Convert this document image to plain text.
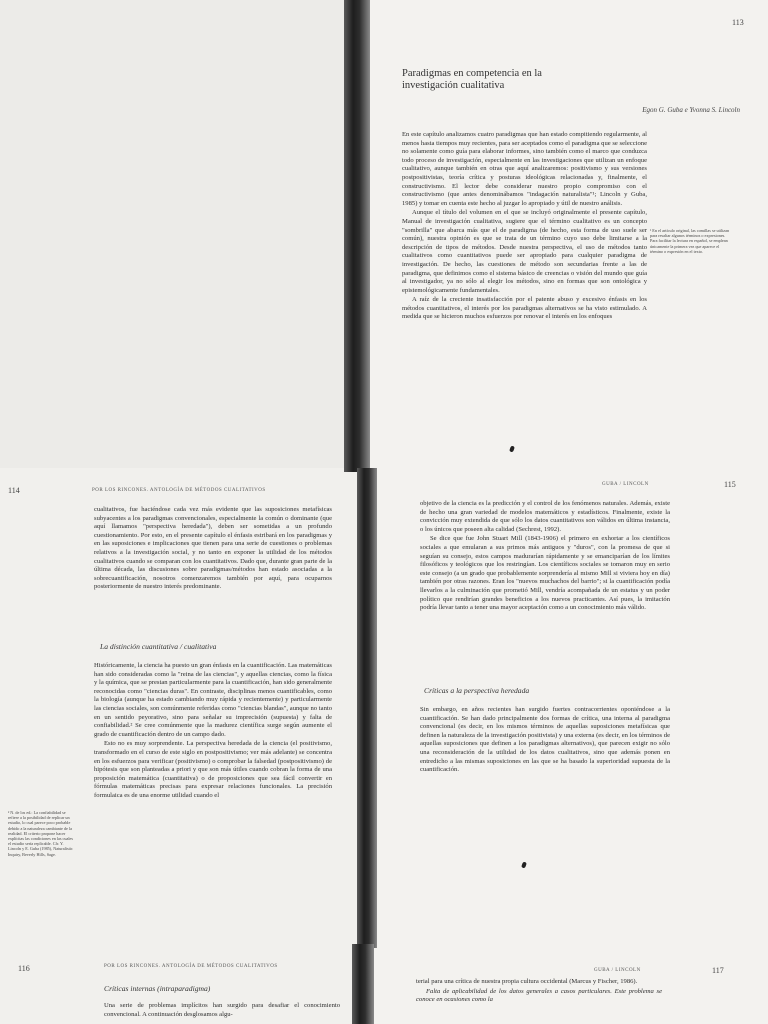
113
Paradigmas en competencia en la
investigación cualitativa
Egon G. Guba e Yvonna S. Lincoln

En este capítulo analizamos cuatro paradigmas que han estado compitiendo regularmente, al menos hasta tiempos muy recientes, para ser aceptados como el paradigma que se seleccione no solamente como guía para elaborar informes, sino también como el marco que conduzca todo proceso de investigación, especialmente en las investigaciones que utilizan un enfoque cualitativo, aunque también en otras que aquí analizaremos: positivismo y sus versiones postpositivistas, teoría crítica y posturas ideológicas relacionadas y, finalmente, el constructivismo. El lector debe considerar nuestro propio compromiso con el constructivismo (que antes denominábamos "indagación naturalista"¹; Lincoln y Guba, 1985) y tomar en cuenta este hecho al juzgar lo apropiado y útil de nuestro análisis.

Aunque el título del volumen en el que se incluyó originalmente el presente capítulo, Manual de investigación cualitativa, sugiere que el término cualitativo es un concepto "sombrilla" que abarca más que el de paradigma (de hecho, esta forma de uso suele ser común), nuestra opinión es que se trata de un término cuyo uso debe limitarse a la descripción de tipos de métodos. Desde nuestra perspectiva, el uso de métodos tanto cualitativos como cuantitativos puede ser apropiado para cualquier paradigma de investigación. De hecho, las cuestiones de método son secundarias frente a las de paradigma, que definimos como el sistema básico de creencias o visión del mundo que guía al investigador, ya no sólo al elegir los métodos, sino en formas que son ontológica y epistemológicamente fundamentales.

A raíz de la creciente insatisfacción por el patente abuso y excesivo énfasis en los métodos cuantitativos, el interés por los paradigmas alternativos se ha visto estimulado. A medida que se hicieron muchos esfuerzos por renovar el interés en los enfoques

¹ En el artículo original, las comillas se utilizan para resaltar algunos términos o expresiones. Para facilitar la lectura en español, se emplean únicamente la primera vez que aparece el término o expresión en el texto.
114	POR LOS RINCONES. ANTOLOGÍA DE MÉTODOS CUALITATIVOS

cualitativos, fue haciéndose cada vez más evidente que las suposiciones metafísicas subyacentes a los paradigmas convencionales, especialmente la común o dominante (que aquí llamamos "perspectiva heredada"), deben ser sometidas a un profundo cuestionamiento. Por esto, en el presente capítulo el énfasis estribará en los paradigmas y en las suposiciones e implicaciones que tienen para una serie de cuestiones o problemas relativos a la investigación social, y no tanto en exponer la utilidad de los métodos cualitativos cuando se comparan con los cuantitativos. Dado que, durante gran parte de la última década, las discusiones sobre paradigmas/métodos han estado asociadas a la sobrecuantificación, nosotros comenzaremos también por aquí, para ocuparnos posteriormente de nuestro interés predominante.

La distinción cuantitativa / cualitativa

Históricamente, la ciencia ha puesto un gran énfasis en la cuantificación. Las matemáticas han sido consideradas como la "reina de las ciencias", y aquellas ciencias, como la física y la química, que se prestan particularmente para la cuantificación, han sido generalmente reconocidas como "ciencias duras". En contraste, disciplinas menos cuantificables, como la biología (aunque ha estado cambiando muy rápida y recientemente) y particularmente las ciencias sociales, son comúnmente referidas como "ciencias blandas", aunque no tanto en un sentido peyorativo, sino para señalar su imprecisión (supuesta) y falta de confiabilidad.² Se cree comúnmente que la madurez científica surge según aumente el grado de cuantificación dentro de un campo dado.

Esto no es muy sorprendente. La perspectiva heredada de la ciencia (el positivismo, transformado en el curso de este siglo en postpositivismo; ver más adelante) se concentra en los esfuerzos para verificar (positivismo) o comprobar la falsedad (postpositivismo) de hipótesis que son planteadas a priori y que son más útiles cuando cobran la forma de una proposición matemática (cuantitativa) o de proposiciones que sea fácil convertir en fórmulas matemáticas precisas para expresar relaciones funcionales. La precisión formulaica es de una enorme utilidad cuando el

² N. de los ed.: La confiabilidad se refiere a la posibilidad de replicar un estudio, lo cual parece poco probable debido a la naturaleza cambiante de la realidad. El criterio propone hacer explícitas las condiciones en las cuales el estudio sería replicable. Cfr. Y. Lincoln y E. Guba (1985), Naturalistic Inquiry, Beverly Hills, Sage.
GUBA / LINCOLN	115

objetivo de la ciencia es la predicción y el control de los fenómenos naturales. Además, existe de hecho una gran variedad de modelos matemáticos y estadísticos. Finalmente, existe la convicción muy extendida de que sólo los datos cuantitativos son válidos en última instancia, o los únicos que poseen alta calidad (Sechrest, 1992).

Se dice que fue John Stuart Mill (1843-1906) el primero en exhortar a los científicos sociales a que emularan a sus primos más antiguos y "duros", con la promesa de que si seguían su consejo, estos campos madurarían rápidamente y se emanciparían de los límites filosóficos y teológicos que los restringían. Los científicos sociales se tomaron muy en serio este consejo (a un grado que probablemente sorprendería al mismo Mill si viviera hoy en día) también por otras razones. Eran los "nuevos muchachos del barrio"; si la cuantificación podía llevarlos a la culminación que prometió Mill, vendría acompañada de un estatus y un poder político que rendirían grandes beneficios a los nuevos practicantes. Así pues, la imitación podría llevar tanto a tener una mayor aceptación como a un conocimiento más válido.

Críticas a la perspectiva heredada

Sin embargo, en años recientes han surgido fuertes contracorrientes oponiéndose a la cuantificación. Se han dado principalmente dos formas de crítica, una interna al paradigma convencional (es decir, en los mismos términos de aquellas suposiciones metafísicas que definen la naturaleza de la investigación positivista) y una externa (es decir, en los términos de aquellas suposiciones que definen a los paradigmas alternativos), que parecen exigir no sólo una reconsideración de la utilidad de los datos cualitativos, sino que además ponen en entredicho a las mismas suposiciones en las que se ha basado la superioridad supuesta de la cuantificación.

116	POR LOS RINCONES. ANTOLOGÍA DE MÉTODOS CUALITATIVOS
Críticas internas (intraparadigma)

Una serie de problemas implícitos han surgido para desafiar el conocimiento convencional. A continuación desglosamos algu-

GUBA / LINCOLN	117

terial para una crítica de nuestra propia cultura occidental (Marcus y Fischer, 1986).

Falta de aplicabilidad de los datos generales a casos particulares. Este problema se conoce en ocasiones como la
